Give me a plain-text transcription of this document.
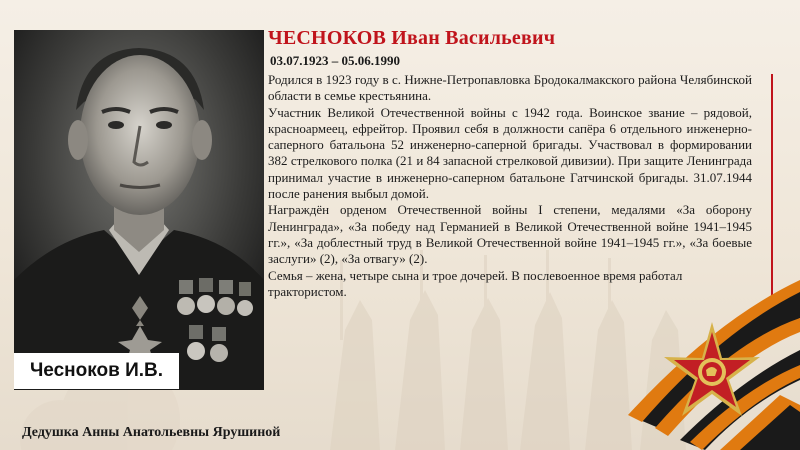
Чесноков И.В.
ЧЕСНОКОВ Иван Васильевич
03.07.1923 – 05.06.1990

Родился в 1923 году в с. Нижне-Петропавловка Бродокалмакского района Челябинской области в семье крестьянина.

Участник Великой Отечественной войны с 1942 года. Воинское звание – рядовой, красноармеец, ефрейтор. Проявил себя в должности сапёра 6 отдельного инженерно-саперного батальона 52 инженерно-саперной бригады. Участвовал в формировании 382 стрелкового полка (21 и 84 запасной стрелковой дивизии). При защите Ленинграда принимал участие в инженерно-саперном батальоне Гатчинской бригады. 31.07.1944 после ранения выбыл домой.

Награждён орденом Отечественной войны I степени, медалями «За оборону Ленинграда», «За победу над Германией в Великой Отечественной войне 1941–1945 гг.», «За доблестный труд в Великой Отечественной войне 1941–1945 гг.», «За боевые заслуги» (2), «За отвагу» (2).

Семья – жена, четыре сына и трое дочерей. В послевоенное время работал трактористом.

Дедушка Анны Анатольевны Ярушиной
